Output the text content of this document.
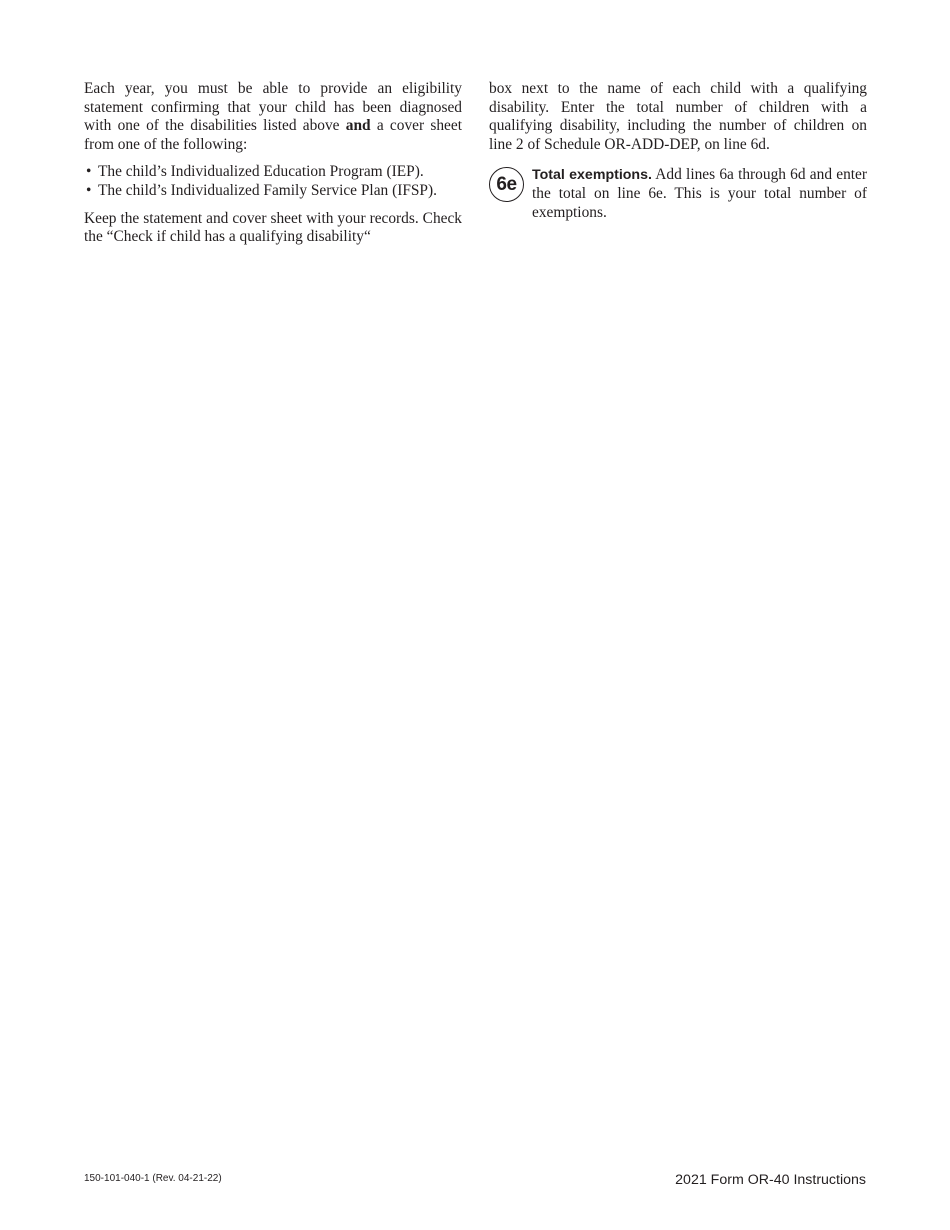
Each year, you must be able to provide an eligibility statement confirming that your child has been diagnosed with one of the disabilities listed above and a cover sheet from one of the following:

• The child’s Individualized Education Program (IEP).
• The child’s Individualized Family Service Plan (IFSP).

Keep the statement and cover sheet with your records. Check the “Check if child has a qualifying disability“

box next to the name of each child with a qualifying disability. Enter the total number of children with a qualifying disability, including the number of children on line 2 of Schedule OR-ADD-DEP, on line 6d.

6e	Total exemptions. Add lines 6a through 6d and enter the total on line 6e. This is your total number of exemptions.

150-101-040-1 (Rev. 04-21-22)	2021 Form OR-40 Instructions
